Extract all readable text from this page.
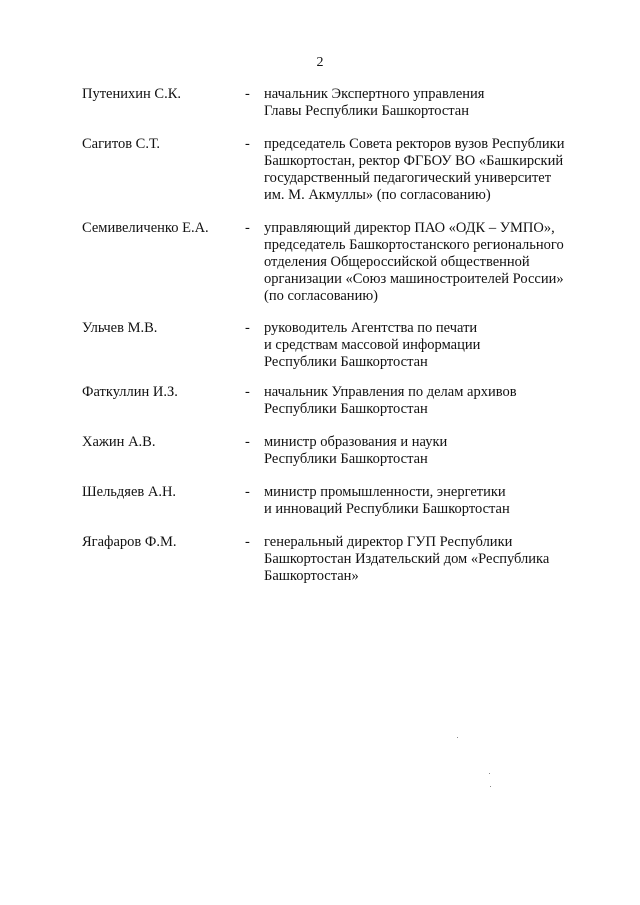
2
Путенихин С.К.	- начальник Экспертного управления
Главы Республики Башкортостан
Сагитов С.Т.	- председатель Совета ректоров вузов Республики
Башкортостан, ректор ФГБОУ ВО «Башкирский
государственный педагогический университет
им. М. Акмуллы» (по согласованию)
Семивеличенко Е.А.	- управляющий директор ПАО «ОДК – УМПО»,
председатель Башкортостанского регионального
отделения Общероссийской общественной
организации «Союз машиностроителей России»
(по согласованию)
Ульчев М.В.	- руководитель Агентства по печати
и средствам массовой информации
Республики Башкортостан
Фаткуллин И.З.	- начальник Управления по делам архивов
Республики Башкортостан
Хажин А.В.	- министр образования и науки
Республики Башкортостан
Шельдяев А.Н.	- министр промышленности, энергетики
и инноваций Республики Башкортостан
Ягафаров Ф.М.	- генеральный директор ГУП Республики
Башкортостан Издательский дом «Республика
Башкортостан»
